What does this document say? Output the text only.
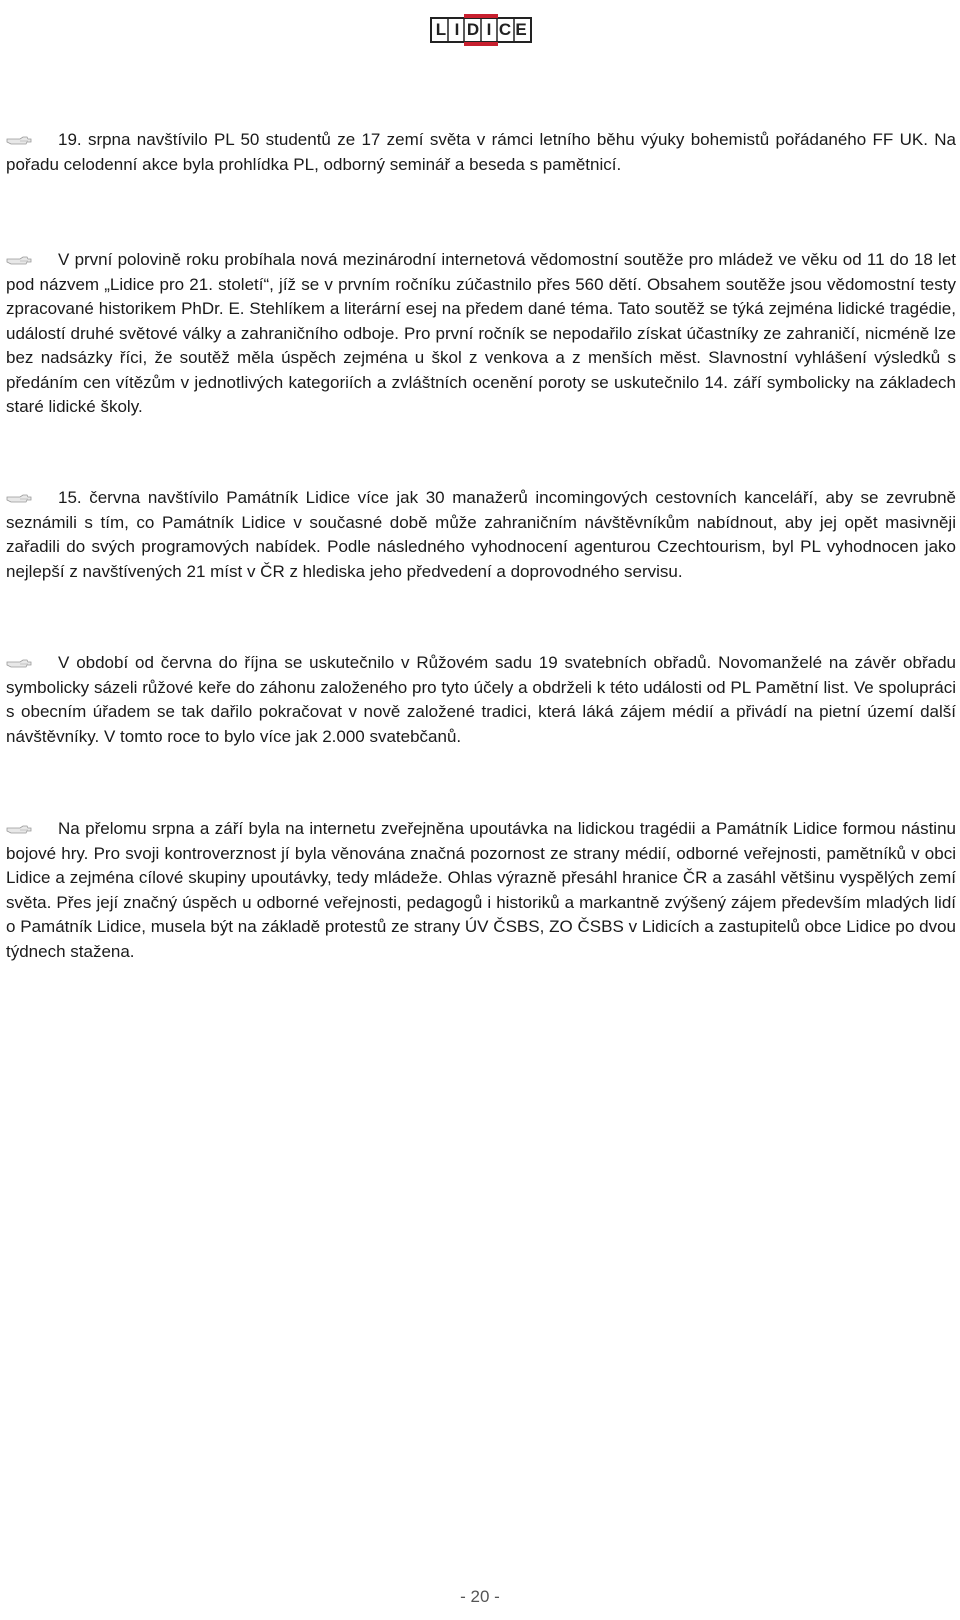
L I D I C E

19. srpna navštívilo PL 50 studentů ze 17 zemí světa v rámci letního běhu výuky bohemistů pořádaného FF UK. Na pořadu celodenní akce byla prohlídka PL, odborný seminář a beseda s pamětnicí.

V první polovině roku probíhala nová mezinárodní internetová vědomostní soutěže pro mládež ve věku od 11 do 18 let pod názvem „Lidice pro 21. století“, jíž se v prvním ročníku zúčastnilo přes 560 dětí. Obsahem soutěže jsou vědomostní testy zpracované historikem PhDr. E. Stehlíkem a literární esej na předem dané téma. Tato soutěž se týká zejména lidické tragédie, událostí druhé světové války a zahraničního odboje. Pro první ročník se nepodařilo získat účastníky ze zahraničí, nicméně lze bez nadsázky říci, že soutěž měla úspěch zejména u škol z venkova a z menších měst. Slavnostní vyhlášení výsledků s předáním cen vítězům v jednotlivých kategoriích a zvláštních ocenění poroty se uskutečnilo 14. září symbolicky na základech staré lidické školy.

15. června navštívilo Památník Lidice více jak 30 manažerů incomingových cestovních kanceláří, aby se zevrubně seznámili s tím, co Památník Lidice v současné době může zahraničním návštěvníkům nabídnout, aby jej opět masivněji zařadili do svých programových nabídek. Podle následného vyhodnocení agenturou Czechtourism, byl PL vyhodnocen jako nejlepší z navštívených 21 míst v ČR z hlediska jeho předvedení a doprovodného servisu.

V období od června do října se uskutečnilo v Růžovém sadu 19 svatebních obřadů. Novomanželé na závěr obřadu symbolicky sázeli růžové keře do záhonu založeného pro tyto účely a obdrželi k této události od PL Pamětní list. Ve spolupráci s obecním úřadem se tak dařilo pokračovat v nově založené tradici, která láká zájem médií a přivádí na pietní území další návštěvníky. V tomto roce to bylo více jak 2.000 svatebčanů.

Na přelomu srpna a září byla na internetu zveřejněna upoutávka na lidickou tragédii a Památník Lidice formou nástinu bojové hry. Pro svoji kontroverznost jí byla věnována značná pozornost ze strany médií, odborné veřejnosti, pamětníků v obci Lidice a zejména cílové skupiny upoutávky, tedy mládeže. Ohlas výrazně přesáhl hranice ČR a zasáhl většinu vyspělých zemí světa. Přes její značný úspěch u odborné veřejnosti, pedagogů i historiků a markantně zvýšený zájem především mladých lidí o Památník Lidice, musela být na základě protestů ze strany ÚV ČSBS, ZO ČSBS v Lidicích a zastupitelů obce Lidice po dvou týdnech stažena.

- 20 -
